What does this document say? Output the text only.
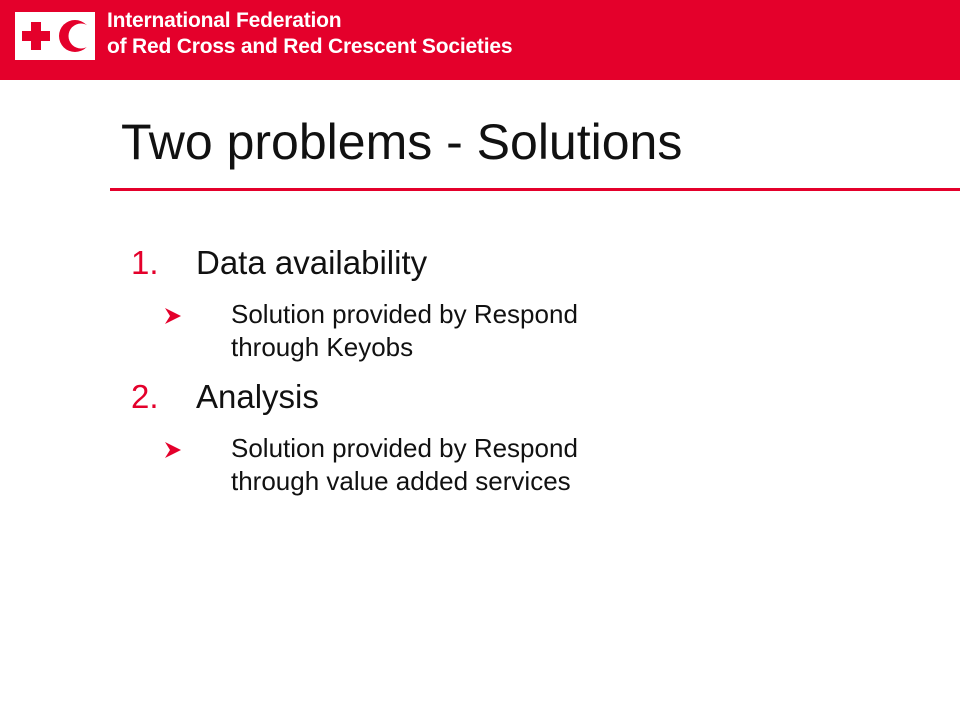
International Federation
of Red Cross and Red Crescent Societies
Two problems - Solutions
1. Data availability
Solution provided by Respond
through Keyobs
2. Analysis
Solution provided by Respond
through value added services
